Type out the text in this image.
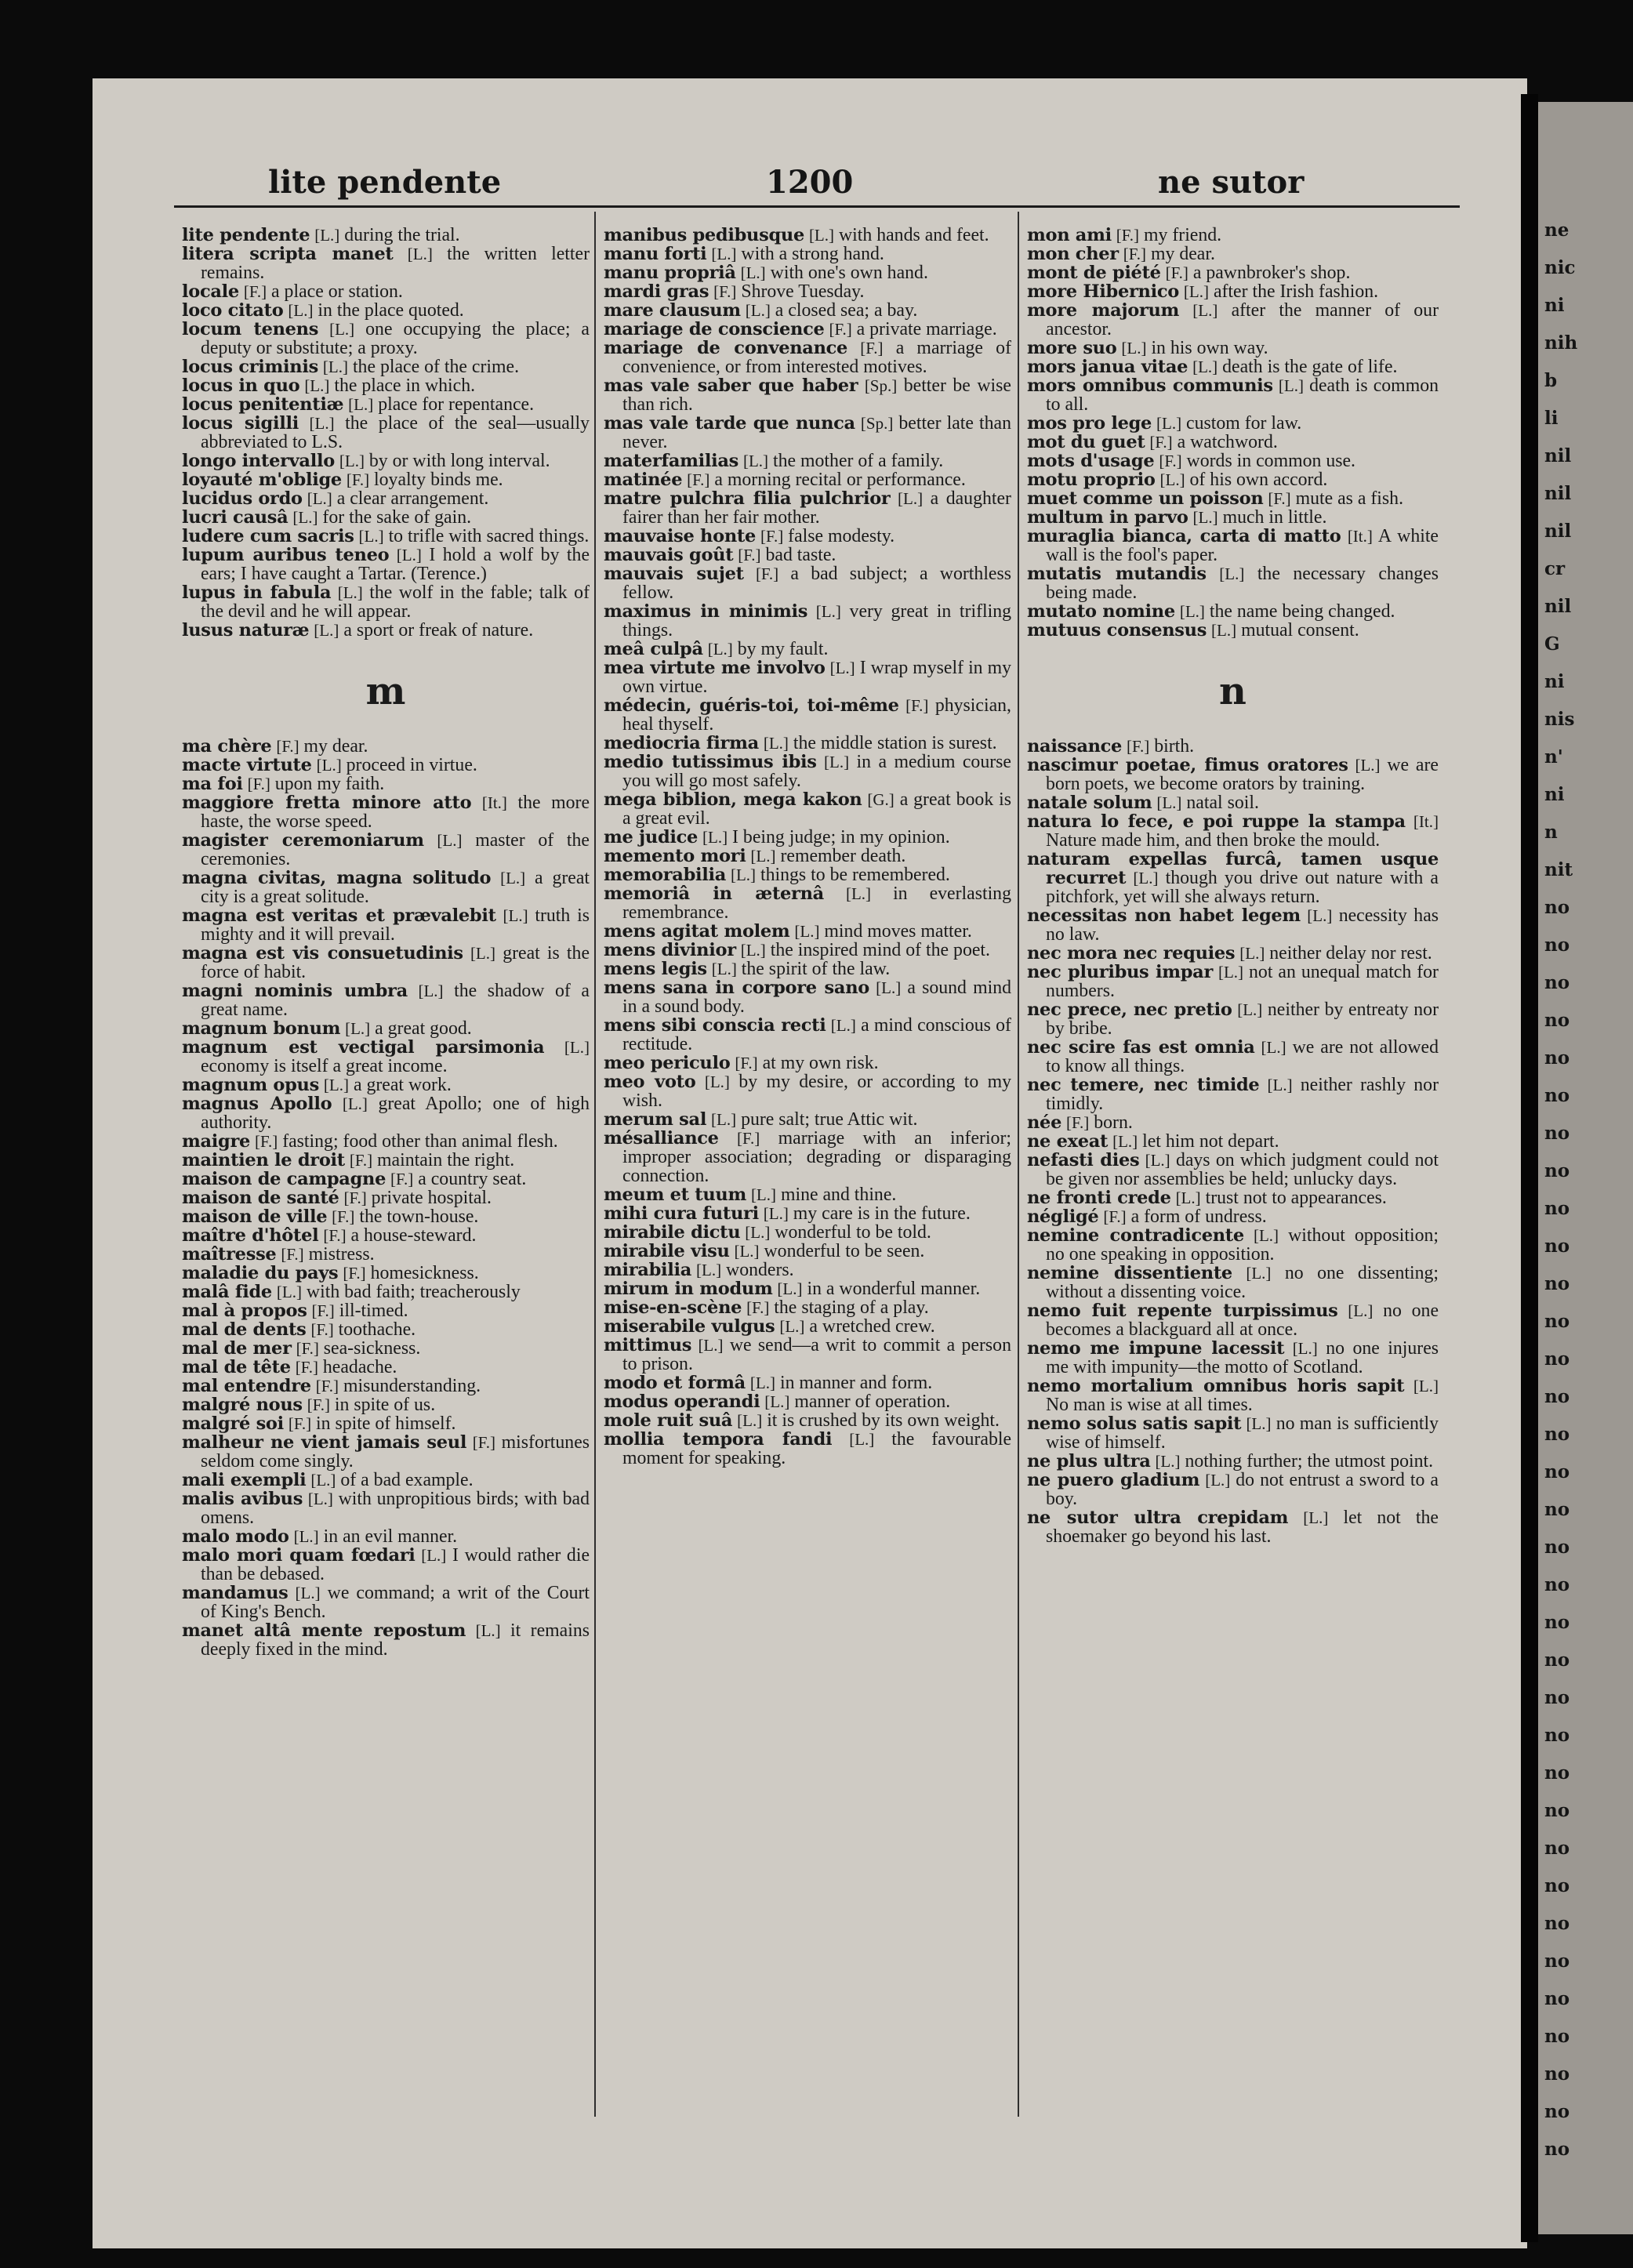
ne
nic
ni
nih
b
li
nil
nil
nil
cr
nil
G
ni
nis
n'
ni
n
nit
no
no
no
no
no
no
no
no
no
no
no
no
no
no
no
no
no
no
no
no
no
no
no
no
no
no
no
no
no
no
no
no
no
no
lite pendente	1200	ne sutor
lite pendente [L.] during the trial.
litera scripta manet [L.] the written letter remains.
locale [F.] a place or station.
loco citato [L.] in the place quoted.
locum tenens [L.] one occupying the place; a deputy or substitute; a proxy.
locus criminis [L.] the place of the crime.
locus in quo [L.] the place in which.
locus penitentiæ [L.] place for repentance.
locus sigilli [L.] the place of the seal—usually abbreviated to L.S.
longo intervallo [L.] by or with long interval.
loyauté m'oblige [F.] loyalty binds me.
lucidus ordo [L.] a clear arrangement.
lucri causâ [L.] for the sake of gain.
ludere cum sacris [L.] to trifle with sacred things.
lupum auribus teneo [L.] I hold a wolf by the ears; I have caught a Tartar. (Terence.)
lupus in fabula [L.] the wolf in the fable; talk of the devil and he will appear.
lusus naturæ [L.] a sport or freak of nature.
m
ma chère [F.] my dear.
macte virtute [L.] proceed in virtue.
ma foi [F.] upon my faith.
maggiore fretta minore atto [It.] the more haste, the worse speed.
magister ceremoniarum [L.] master of the ceremonies.
magna civitas, magna solitudo [L.] a great city is a great solitude.
magna est veritas et prævalebit [L.] truth is mighty and it will prevail.
magna est vis consuetudinis [L.] great is the force of habit.
magni nominis umbra [L.] the shadow of a great name.
magnum bonum [L.] a great good.
magnum est vectigal parsimonia [L.] economy is itself a great income.
magnum opus [L.] a great work.
magnus Apollo [L.] great Apollo; one of high authority.
maigre [F.] fasting; food other than animal flesh.
maintien le droit [F.] maintain the right.
maison de campagne [F.] a country seat.
maison de santé [F.] private hospital.
maison de ville [F.] the town-house.
maître d'hôtel [F.] a house-steward.
maîtresse [F.] mistress.
maladie du pays [F.] homesickness.
malâ fide [L.] with bad faith; treacherously
mal à propos [F.] ill-timed.
mal de dents [F.] toothache.
mal de mer [F.] sea-sickness.
mal de tête [F.] headache.
mal entendre [F.] misunderstanding.
malgré nous [F.] in spite of us.
malgré soi [F.] in spite of himself.
malheur ne vient jamais seul [F.] misfortunes seldom come singly.
mali exempli [L.] of a bad example.
malis avibus [L.] with unpropitious birds; with bad omens.
malo modo [L.] in an evil manner.
malo mori quam fœdari [L.] I would rather die than be debased.
mandamus [L.] we command; a writ of the Court of King's Bench.
manet altâ mente repostum [L.] it remains deeply fixed in the mind.
manibus pedibusque [L.] with hands and feet.
manu forti [L.] with a strong hand.
manu propriâ [L.] with one's own hand.
mardi gras [F.] Shrove Tuesday.
mare clausum [L.] a closed sea; a bay.
mariage de conscience [F.] a private marriage.
mariage de convenance [F.] a marriage of convenience, or from interested motives.
mas vale saber que haber [Sp.] better be wise than rich.
mas vale tarde que nunca [Sp.] better late than never.
materfamilias [L.] the mother of a family.
matinée [F.] a morning recital or performance.
matre pulchra filia pulchrior [L.] a daughter fairer than her fair mother.
mauvaise honte [F.] false modesty.
mauvais goût [F.] bad taste.
mauvais sujet [F.] a bad subject; a worthless fellow.
maximus in minimis [L.] very great in trifling things.
meâ culpâ [L.] by my fault.
mea virtute me involvo [L.] I wrap myself in my own virtue.
médecin, guéris-toi, toi-même [F.] physician, heal thyself.
mediocria firma [L.] the middle station is surest.
medio tutissimus ibis [L.] in a medium course you will go most safely.
mega biblion, mega kakon [G.] a great book is a great evil.
me judice [L.] I being judge; in my opinion.
memento mori [L.] remember death.
memorabilia [L.] things to be remembered.
memoriâ in æternâ [L.] in everlasting remembrance.
mens agitat molem [L.] mind moves matter.
mens divinior [L.] the inspired mind of the poet.
mens legis [L.] the spirit of the law.
mens sana in corpore sano [L.] a sound mind in a sound body.
mens sibi conscia recti [L.] a mind conscious of rectitude.
meo periculo [F.] at my own risk.
meo voto [L.] by my desire, or according to my wish.
merum sal [L.] pure salt; true Attic wit.
mésalliance [F.] marriage with an inferior; improper association; degrading or disparaging connection.
meum et tuum [L.] mine and thine.
mihi cura futuri [L.] my care is in the future.
mirabile dictu [L.] wonderful to be told.
mirabile visu [L.] wonderful to be seen.
mirabilia [L.] wonders.
mirum in modum [L.] in a wonderful manner.
mise-en-scène [F.] the staging of a play.
miserabile vulgus [L.] a wretched crew.
mittimus [L.] we send—a writ to commit a person to prison.
modo et formâ [L.] in manner and form.
modus operandi [L.] manner of operation.
mole ruit suâ [L.] it is crushed by its own weight.
mollia tempora fandi [L.] the favourable moment for speaking.
mon ami [F.] my friend.
mon cher [F.] my dear.
mont de piété [F.] a pawnbroker's shop.
more Hibernico [L.] after the Irish fashion.
more majorum [L.] after the manner of our ancestor.
more suo [L.] in his own way.
mors janua vitae [L.] death is the gate of life.
mors omnibus communis [L.] death is common to all.
mos pro lege [L.] custom for law.
mot du guet [F.] a watchword.
mots d'usage [F.] words in common use.
motu proprio [L.] of his own accord.
muet comme un poisson [F.] mute as a fish.
multum in parvo [L.] much in little.
muraglia bianca, carta di matto [It.] A white wall is the fool's paper.
mutatis mutandis [L.] the necessary changes being made.
mutato nomine [L.] the name being changed.
mutuus consensus [L.] mutual consent.
n
naissance [F.] birth.
nascimur poetae, fimus oratores [L.] we are born poets, we become orators by training.
natale solum [L.] natal soil.
natura lo fece, e poi ruppe la stampa [It.] Nature made him, and then broke the mould.
naturam expellas furcâ, tamen usque recurret [L.] though you drive out nature with a pitchfork, yet will she always return.
necessitas non habet legem [L.] necessity has no law.
nec mora nec requies [L.] neither delay nor rest.
nec pluribus impar [L.] not an unequal match for numbers.
nec prece, nec pretio [L.] neither by entreaty nor by bribe.
nec scire fas est omnia [L.] we are not allowed to know all things.
nec temere, nec timide [L.] neither rashly nor timidly.
née [F.] born.
ne exeat [L.] let him not depart.
nefasti dies [L.] days on which judgment could not be given nor assemblies be held; unlucky days.
ne fronti crede [L.] trust not to appearances.
négligé [F.] a form of undress.
nemine contradicente [L.] without opposition; no one speaking in opposition.
nemine dissentiente [L.] no one dissenting; without a dissenting voice.
nemo fuit repente turpissimus [L.] no one becomes a blackguard all at once.
nemo me impune lacessit [L.] no one injures me with impunity—the motto of Scotland.
nemo mortalium omnibus horis sapit [L.] No man is wise at all times.
nemo solus satis sapit [L.] no man is sufficiently wise of himself.
ne plus ultra [L.] nothing further; the utmost point.
ne puero gladium [L.] do not entrust a sword to a boy.
ne sutor ultra crepidam [L.] let not the shoemaker go beyond his last.
